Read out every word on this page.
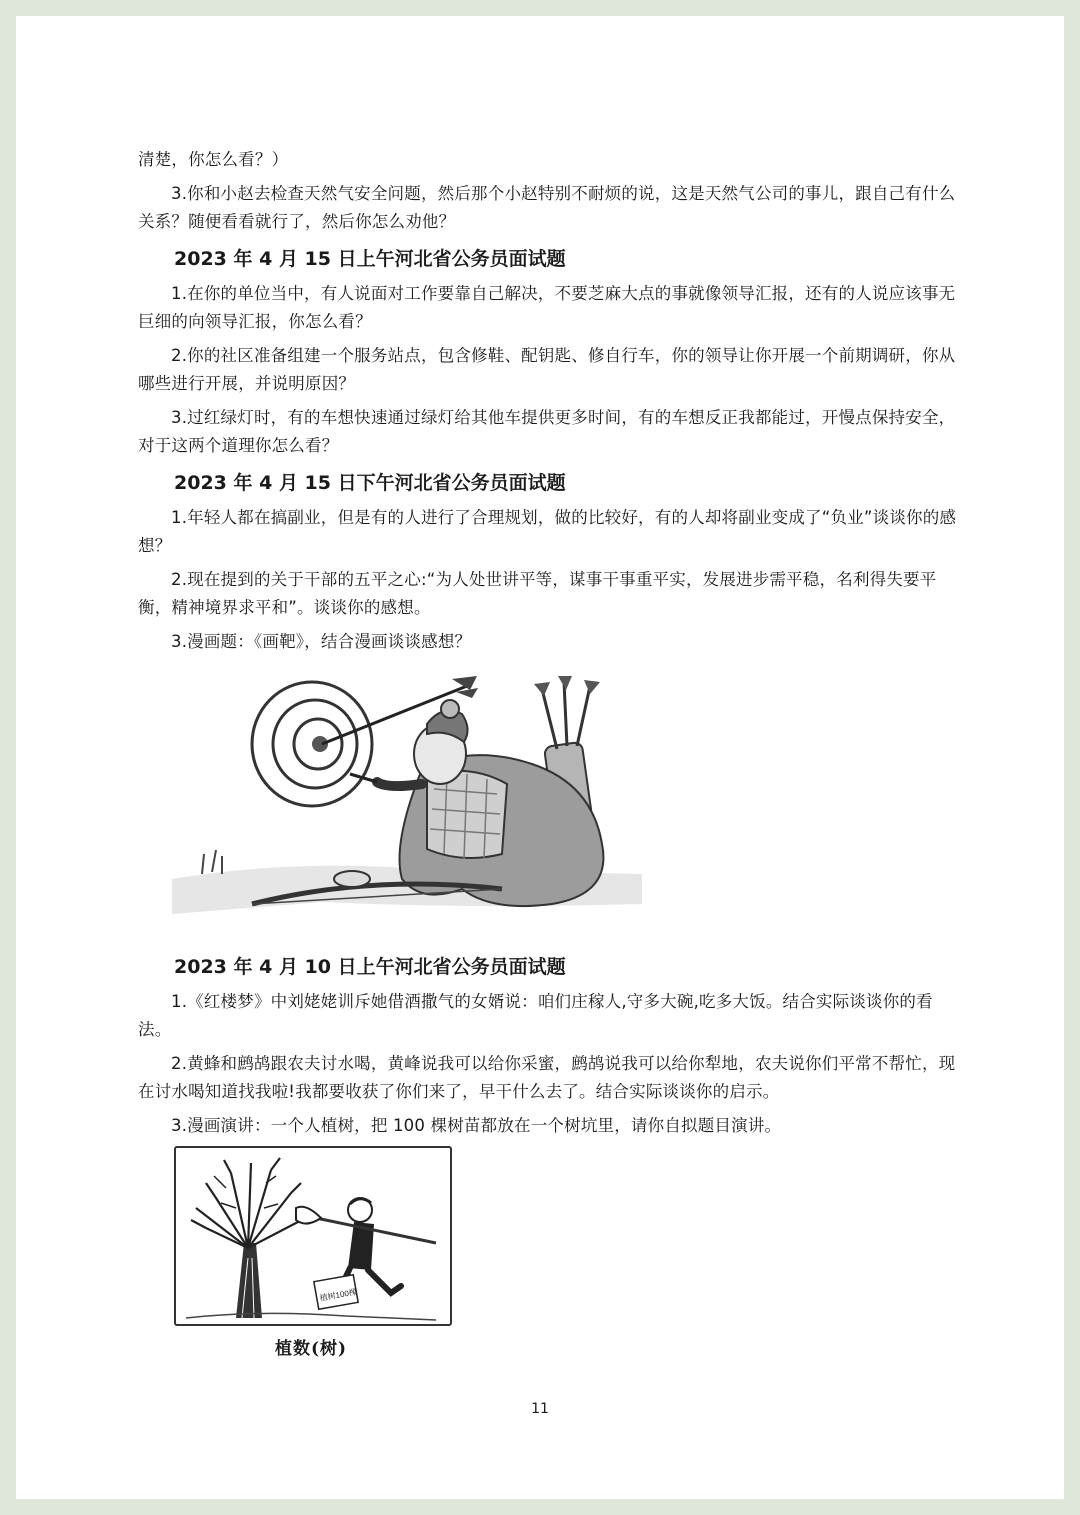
清楚，你怎么看？）

3.你和小赵去检查天然气安全问题，然后那个小赵特别不耐烦的说，这是天然气公司的事儿，跟自己有什么关系？随便看看就行了，然后你怎么劝他？

2023 年 4 月 15 日上午河北省公务员面试题

1.在你的单位当中，有人说面对工作要靠自己解决，不要芝麻大点的事就像领导汇报，还有的人说应该事无巨细的向领导汇报，你怎么看？

2.你的社区准备组建一个服务站点，包含修鞋、配钥匙、修自行车，你的领导让你开展一个前期调研，你从哪些进行开展，并说明原因？

3.过红绿灯时，有的车想快速通过绿灯给其他车提供更多时间，有的车想反正我都能过，开慢点保持安全，对于这两个道理你怎么看？

2023 年 4 月 15 日下午河北省公务员面试题

1.年轻人都在搞副业，但是有的人进行了合理规划，做的比较好，有的人却将副业变成了“负业”谈谈你的感想？

2.现在提到的关于干部的五平之心:“为人处世讲平等，谋事干事重平实，发展进步需平稳，名利得失要平衡，精神境界求平和”。谈谈你的感想。

3.漫画题：《画靶》，结合漫画谈谈感想？

2023 年 4 月 10 日上午河北省公务员面试题

1.《红楼梦》中刘姥姥训斥她借酒撒气的女婿说：咱们庄稼人,守多大碗,吃多大饭。结合实际谈谈你的看法。

2.黄蜂和鹧鸪跟农夫讨水喝，黄峰说我可以给你采蜜，鹧鸪说我可以给你犁地，农夫说你们平常不帮忙，现在讨水喝知道找我啦!我都要收获了你们来了，早干什么去了。结合实际谈谈你的启示。

3.漫画演讲：一个人植树，把 100 棵树苗都放在一个树坑里，请你自拟题目演讲。

植树100棵
植数(树)
11
